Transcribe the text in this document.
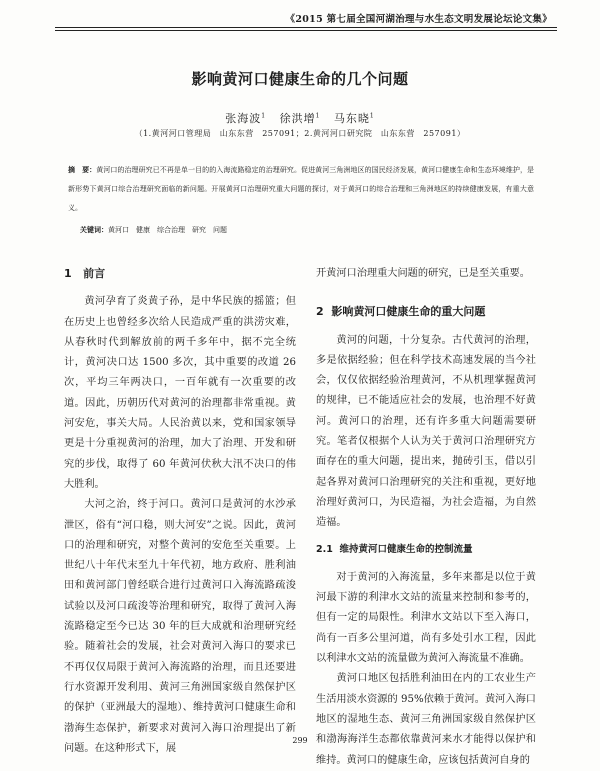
《2015 第七届全国河湖治理与水生态文明发展论坛论文集》
影响黄河口健康生命的几个问题
张海波$^1$ 徐洪增$^1$ 马东晓$^1$
（1.黄河河口管理局　山东东营　257091；2.黄河河口研究院　山东东营　257091）
摘　要：黄河口的治理研究已不再是单一目的的入海流路稳定的治理研究。促进黄河三角洲地区的国民经济发展，黄河口健康生命和生态环境维护，是新形势下黄河口综合治理研究面临的新问题。开展黄河口治理研究重大问题的探讨，对于黄河口的综合治理和三角洲地区的持续健康发展，有重大意义。
关键词：黄河口　健康　综合治理　研究　问题
1 前言

黄河孕育了炎黄子孙，是中华民族的摇篮；但在历史上也曾经多次给人民造成严重的洪涝灾难，从春秋时代到解放前的两千多年中，据不完全统计，黄河决口达 1500 多次，其中重要的改道 26 次，平均三年两决口，一百年就有一次重要的改道。因此，历朝历代对黄河的治理都非常重视。黄河安危，事关大局。人民治黄以来，党和国家领导更是十分重视黄河的治理，加大了治理、开发和研究的步伐，取得了 60 年黄河伏秋大汛不决口的伟大胜利。

大河之治，终于河口。黄河口是黄河的水沙承泄区，俗有“河口稳，则大河安”之说。因此，黄河口的治理和研究，对整个黄河的安危至关重要。上世纪八十年代末至九十年代初，地方政府、胜利油田和黄河部门曾经联合进行过黄河口入海流路疏浚试验以及河口疏浚等治理和研究，取得了黄河入海流路稳定至今已达 30 年的巨大成就和治理研究经验。随着社会的发展，社会对黄河入海口的要求已不再仅仅局限于黄河入海流路的治理，而且还要进行水资源开发利用、黄河三角洲国家级自然保护区的保护（亚洲最大的湿地）、维持黄河口健康生命和渤海生态保护，新要求对黄河入海口治理提出了新问题。在这种形式下，展

开黄河口治理重大问题的研究，已是至关重要。

2 影响黄河口健康生命的重大问题

黄河的问题，十分复杂。古代黄河的治理，多是依据经验；但在科学技术高速发展的当今社会，仅仅依据经验治理黄河，不从机理掌握黄河的规律，已不能适应社会的发展，也治理不好黄河。黄河口的治理，还有许多重大问题需要研究。笔者仅根据个人认为关于黄河口治理研究方面存在的重大问题，提出来，抛砖引玉，借以引起各界对黄河口治理研究的关注和重视，更好地治理好黄河口，为民造福，为社会造福，为自然造福。

2.1 维持黄河口健康生命的控制流量

对于黄河的入海流量，多年来都是以位于黄河最下游的利津水文站的流量来控制和参考的，但有一定的局限性。利津水文站以下至入海口，尚有一百多公里河道，尚有多处引水工程，因此以利津水文站的流量做为黄河入海流量不准确。

黄河口地区包括胜利油田在内的工农业生产生活用淡水资源的 95%依赖于黄河。黄河入海口地区的湿地生态、黄河三角洲国家级自然保护区和渤海海洋生态都依靠黄河来水才能得以保护和维持。黄河口的健康生命，应该包括黄河自身的

299
